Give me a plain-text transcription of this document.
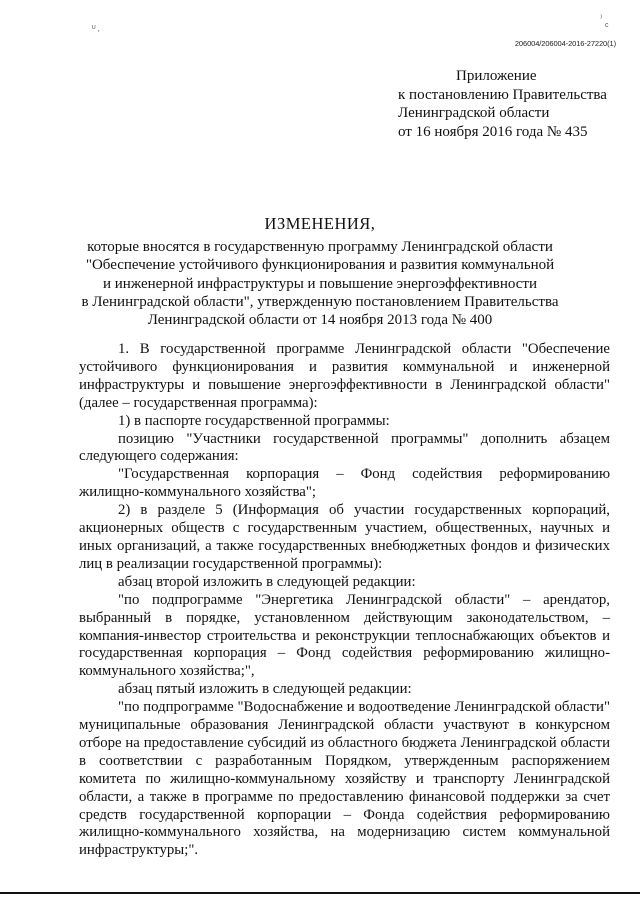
ᵁ ,
₎
c
206004/206004-2016-27220(1)
Приложение
к постановлению Правительства
Ленинградской области
от 16 ноября 2016 года № 435
ИЗМЕНЕНИЯ,
которые вносятся в государственную программу Ленинградской области
"Обеспечение устойчивого функционирования и развития коммунальной
и инженерной инфраструктуры и повышение энергоэффективности
в Ленинградской области", утвержденную постановлением Правительства
Ленинградской области от 14 ноября 2013 года № 400

1. В государственной программе Ленинградской области "Обеспечение устойчивого функционирования и развития коммунальной и инженерной инфраструктуры и повышение энергоэффективности в Ленинградской области" (далее – государственная программа):

1) в паспорте государственной программы:

позицию "Участники государственной программы" дополнить абзацем следующего содержания:

"Государственная корпорация – Фонд содействия реформированию жилищно-коммунального хозяйства";

2) в разделе 5 (Информация об участии государственных корпораций, акционерных обществ с государственным участием, общественных, научных и иных организаций, а также государственных внебюджетных фондов и физических лиц в реализации государственной программы):

абзац второй изложить в следующей редакции:

"по подпрограмме "Энергетика Ленинградской области" – арендатор, выбранный в порядке, установленном действующим законодательством, – компания-инвестор строительства и реконструкции теплоснабжающих объектов и государственная корпорация – Фонд содействия реформированию жилищно-коммунального хозяйства;",

абзац пятый изложить в следующей редакции:

"по подпрограмме "Водоснабжение и водоотведение Ленинградской области" муниципальные образования Ленинградской области участвуют в конкурсном отборе на предоставление субсидий из областного бюджета Ленинградской области в соответствии с разработанным Порядком, утвержденным распоряжением комитета по жилищно-коммунальному хозяйству и транспорту Ленинградской области, а также в программе по предоставлению финансовой поддержки за счет средств государственной корпорации – Фонда содействия реформированию жилищно-коммунального хозяйства, на модернизацию систем коммунальной инфраструктуры;".
